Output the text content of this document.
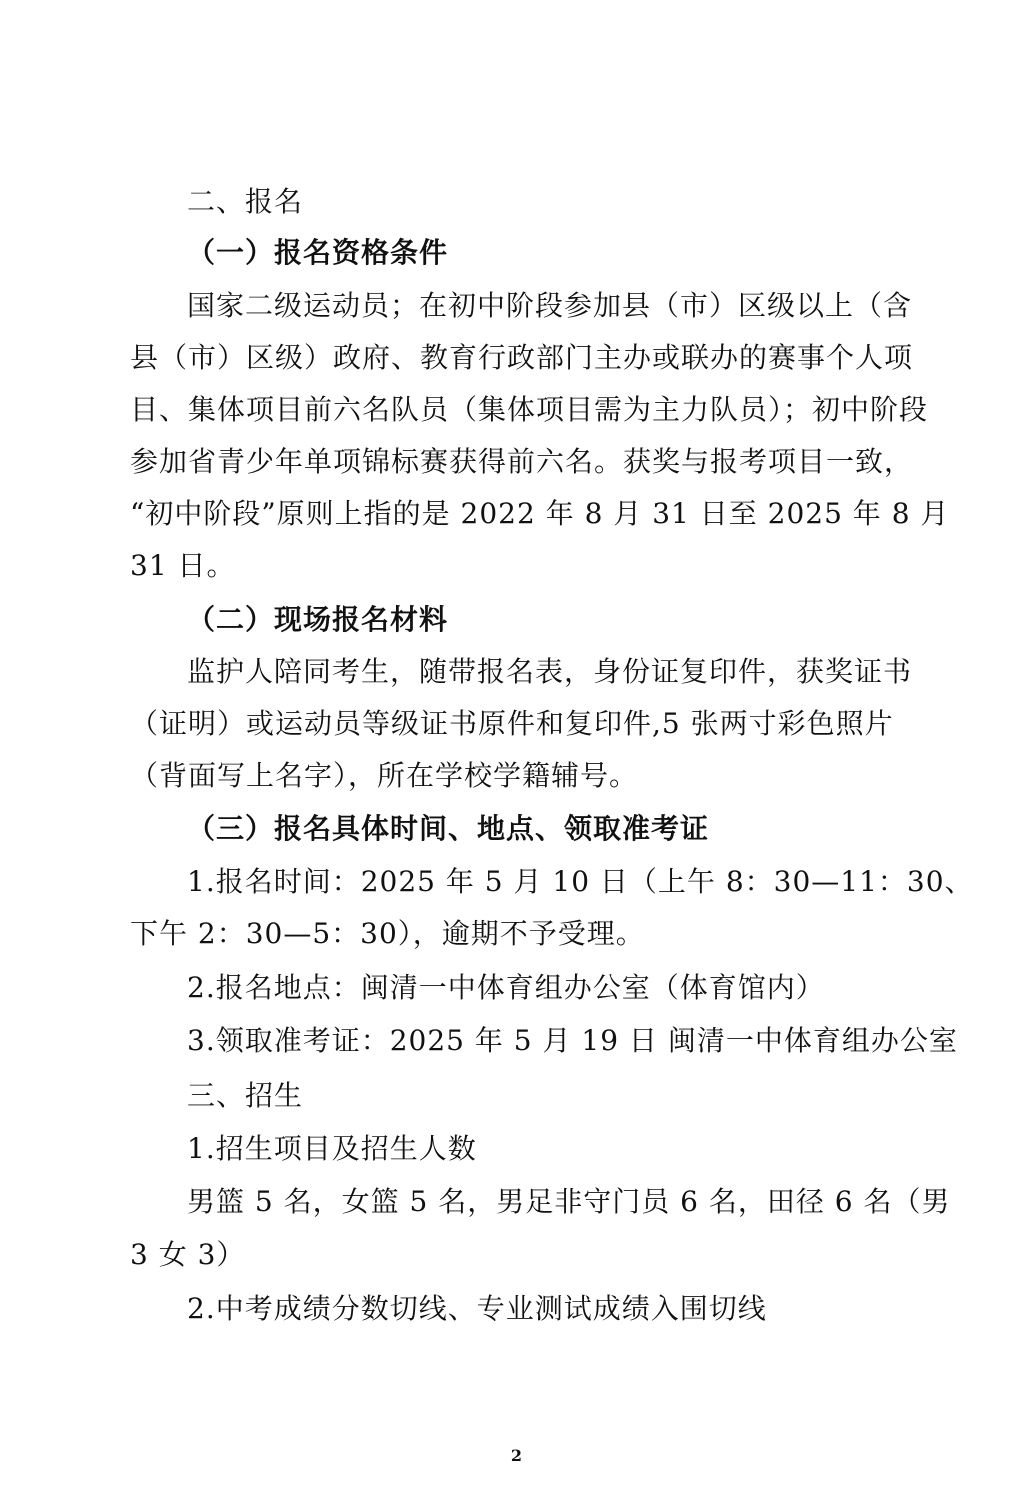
二、报名
（一）报名资格条件
国家二级运动员；在初中阶段参加县（市）区级以上（含
县（市）区级）政府、教育行政部门主办或联办的赛事个人项
目、集体项目前六名队员（集体项目需为主力队员）；初中阶段
参加省青少年单项锦标赛获得前六名。获奖与报考项目一致，
“初中阶段”原则上指的是 2022 年 8 月 31 日至 2025 年 8 月
31 日。
（二）现场报名材料
监护人陪同考生，随带报名表，身份证复印件，获奖证书
（证明）或运动员等级证书原件和复印件,5 张两寸彩色照片
（背面写上名字），所在学校学籍辅号。
（三）报名具体时间、地点、领取准考证
1.报名时间：2025 年 5 月 10 日（上午 8：30—11：30、
下午 2：30—5：30），逾期不予受理。
2.报名地点：闽清一中体育组办公室（体育馆内）
3.领取准考证：2025 年 5 月 19 日 闽清一中体育组办公室
三、招生
1.招生项目及招生人数
男篮 5 名，女篮 5 名，男足非守门员 6 名，田径 6 名（男
3 女 3）
2.中考成绩分数切线、专业测试成绩入围切线
2
